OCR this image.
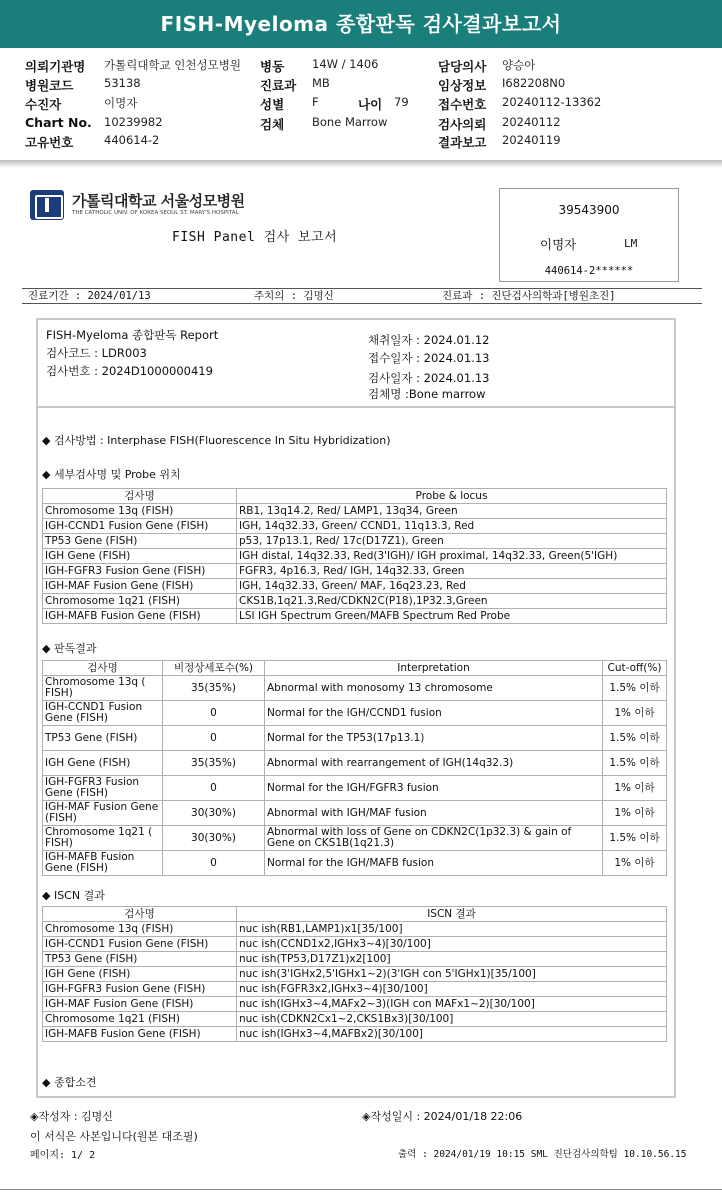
FISH-Myeloma 종합판독 검사결과보고서
의뢰기관명 가톨릭대학교 인천성모병원
병원코드	53138
수진자	이명자
Chart No. 10239982
고유번호	440614-2
병동 14W / 1406
진료과 MB
성별 F	나이 79
검체 Bone Marrow
담당의사 양승아
임상정보 I682208N0
접수번호 20240112-13362
검사의뢰 20240112
결과보고 20240119
가톨릭대학교 서울성모병원
THE CATHOLIC UNIV. OF KOREA SEOUL ST. MARY'S HOSPITAL
FISH Panel 검사 보고서
39543900
이명자	LM
440614-2******
진료기간 : 2024/01/13	주치의 : 김명신	진료과 : 진단검사의학과[병원초진]
FISH-Myeloma 종합판독 Report
검사코드 : LDR003
검사번호 : 2024D1000000419
채취일자 : 2024.01.12
접수일자 : 2024.01.13
검사일자 : 2024.01.13
검체명 :Bone marrow
◆ 검사방법 : Interphase FISH(Fluorescence In Situ Hybridization)
◆ 세부검사명 및 Probe 위치
검사명	Probe & locus
Chromosome 13q (FISH)	RB1, 13q14.2, Red/ LAMP1, 13q34, Green
IGH-CCND1 Fusion Gene (FISH)	IGH, 14q32.33, Green/ CCND1, 11q13.3, Red
TP53 Gene (FISH)	p53, 17p13.1, Red/ 17c(D17Z1), Green
IGH Gene (FISH)	IGH distal, 14q32.33, Red(3'IGH)/ IGH proximal, 14q32.33, Green(5'IGH)
IGH-FGFR3 Fusion Gene (FISH)	FGFR3, 4p16.3, Red/ IGH, 14q32.33, Green
IGH-MAF Fusion Gene (FISH)	IGH, 14q32.33, Green/ MAF, 16q23.23, Red
Chromosome 1q21 (FISH)	CKS1B,1q21.3,Red/CDKN2C(P18),1P32.3,Green
IGH-MAFB Fusion Gene (FISH)	LSI IGH Spectrum Green/MAFB Spectrum Red Probe
◆ 판독결과
검사명	비정상세포수(%)	Interpretation	Cut-off(%)
Chromosome 13q ( FISH)	35(35%)	Abnormal with monosomy 13 chromosome	1.5% 이하
IGH-CCND1 Fusion Gene (FISH)	0	Normal for the IGH/CCND1 fusion	1% 이하
TP53 Gene (FISH)	0	Normal for the TP53(17p13.1)	1.5% 이하
IGH Gene (FISH)	35(35%)	Abnormal with rearrangement of IGH(14q32.3)	1.5% 이하
IGH-FGFR3 Fusion Gene (FISH)	0	Normal for the IGH/FGFR3 fusion	1% 이하
IGH-MAF Fusion Gene (FISH)	30(30%)	Abnormal with IGH/MAF fusion	1% 이하
Chromosome 1q21 ( FISH)	30(30%)	Abnormal with loss of Gene on CDKN2C(1p32.3) & gain of Gene on CKS1B(1q21.3)	1.5% 이하
IGH-MAFB Fusion Gene (FISH)	0	Normal for the IGH/MAFB fusion	1% 이하
◆ ISCN 결과
검사명	ISCN 결과
Chromosome 13q (FISH)	nuc ish(RB1,LAMP1)x1[35/100]
IGH-CCND1 Fusion Gene (FISH)	nuc ish(CCND1x2,IGHx3~4)[30/100]
TP53 Gene (FISH)	nuc ish(TP53,D17Z1)x2[100]
IGH Gene (FISH)	nuc ish(3'IGHx2,5'IGHx1~2)(3'IGH con 5'IGHx1)[35/100]
IGH-FGFR3 Fusion Gene (FISH)	nuc ish(FGFR3x2,IGHx3~4)[30/100]
IGH-MAF Fusion Gene (FISH)	nuc ish(IGHx3~4,MAFx2~3)(IGH con MAFx1~2)[30/100]
Chromosome 1q21 (FISH)	nuc ish(CDKN2Cx1~2,CKS1Bx3)[30/100]
IGH-MAFB Fusion Gene (FISH)	nuc ish(IGHx3~4,MAFBx2)[30/100]
◆ 종합소견
◈작성자 : 김명신	◈작성일시 : 2024/01/18 22:06
이 서식은 사본입니다(원본 대조필)
페이지: 1/ 2	출력 : 2024/01/19 10:15 SML 진단검사의학팀 10.10.56.15
